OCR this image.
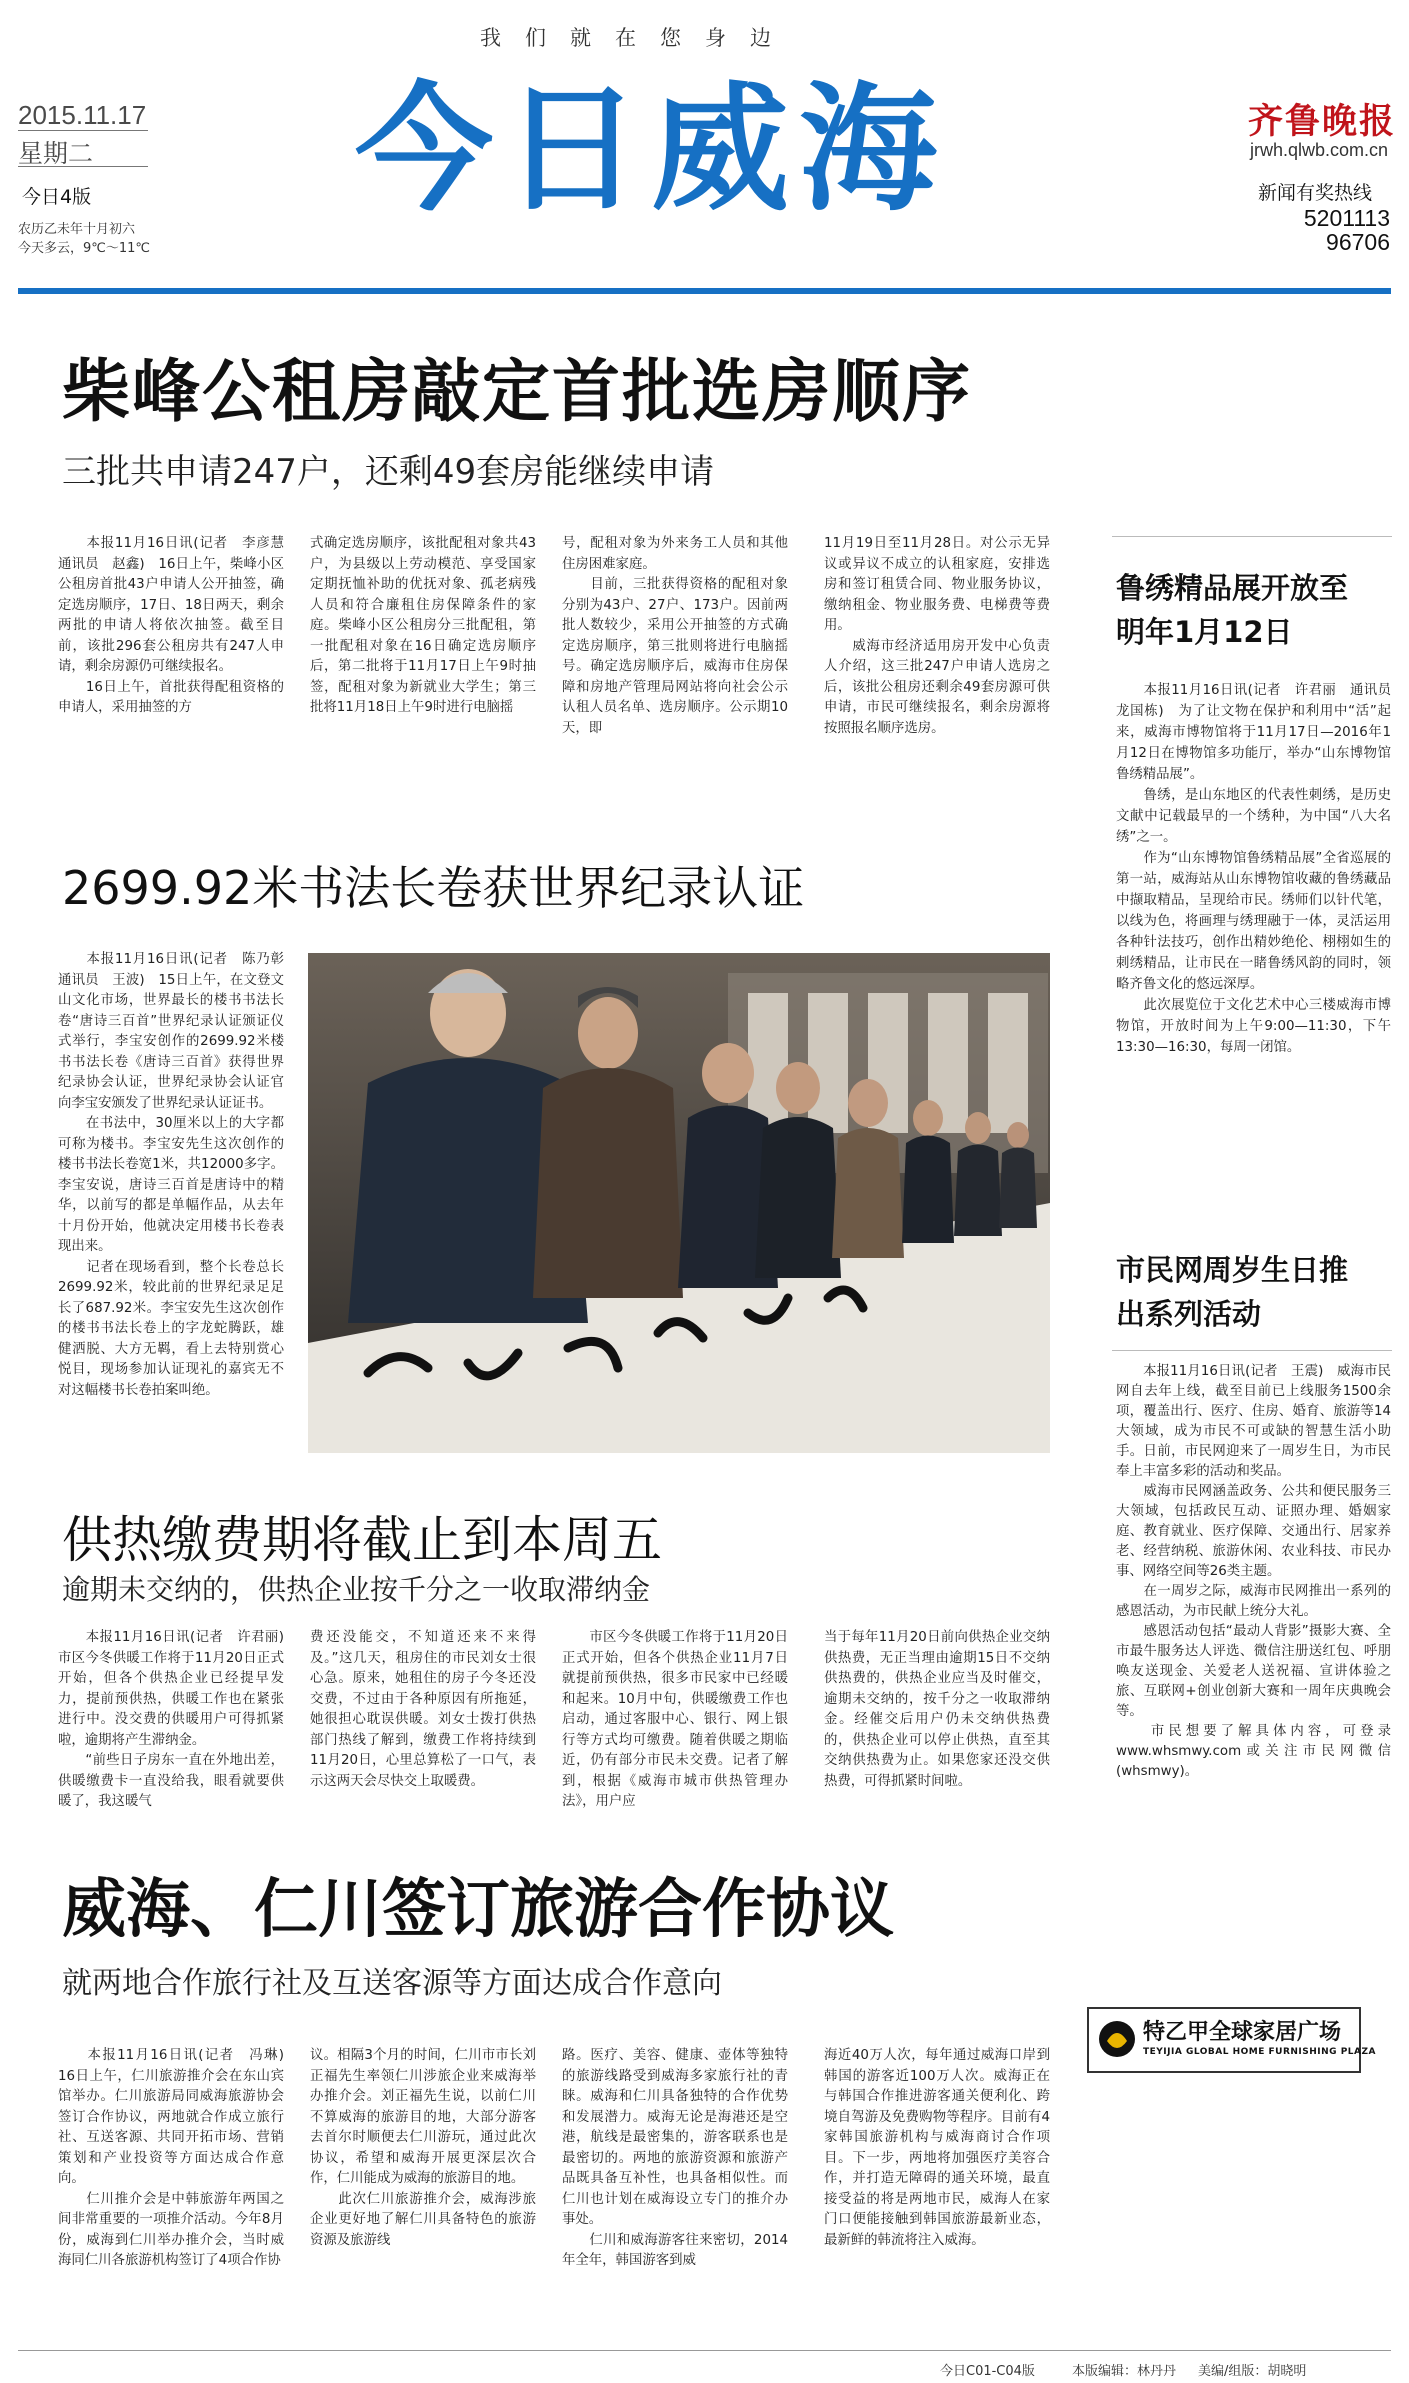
我们就在您身边
2015.11.17
星期二
今日4版
农历乙未年十月初六
今天多云，9℃～11℃
今日威海	齐鲁晚报
jrwh.qlwb.com.cn
新闻有奖热线
5201113
96706
柴峰公租房敲定首批选房顺序
三批共申请247户，还剩49套房能继续申请
　　本报11月16日讯(记者　李彦慧　通讯员　赵鑫)　16日上午，柴峰小区公租房首批43户申请人公开抽签，确定选房顺序，17日、18日两天，剩余两批的申请人将依次抽签。截至目前，该批296套公租房共有247人申请，剩余房源仍可继续报名。
　　16日上午，首批获得配租资格的申请人，采用抽签的方
式确定选房顺序，该批配租对象共43户，为县级以上劳动模范、享受国家定期抚恤补助的优抚对象、孤老病残人员和符合廉租住房保障条件的家庭。柴峰小区公租房分三批配租，第一批配租对象在16日确定选房顺序后，第二批将于11月17日上午9时抽签，配租对象为新就业大学生；第三批将11月18日上午9时进行电脑摇
号，配租对象为外来务工人员和其他住房困难家庭。
　　目前，三批获得资格的配租对象分别为43户、27户、173户。因前两批人数较少，采用公开抽签的方式确定选房顺序，第三批则将进行电脑摇号。确定选房顺序后，威海市住房保障和房地产管理局网站将向社会公示认租人员名单、选房顺序。公示期10天，即
11月19日至11月28日。对公示无异议或异议不成立的认租家庭，安排选房和签订租赁合同、物业服务协议，缴纳租金、物业服务费、电梯费等费用。
　　威海市经济适用房开发中心负责人介绍，这三批247户申请人选房之后，该批公租房还剩余49套房源可供申请，市民可继续报名，剩余房源将按照报名顺序选房。
2699.92米书法长卷获世界纪录认证
　　本报11月16日讯(记者　陈乃彰　通讯员　王波)　15日上午，在文登文山文化市场，世界最长的楼书书法长卷“唐诗三百首”世界纪录认证颁证仪式举行，李宝安创作的2699.92米楼书书法长卷《唐诗三百首》获得世界纪录协会认证，世界纪录协会认证官向李宝安颁发了世界纪录认证证书。
　　在书法中，30厘米以上的大字都可称为楼书。李宝安先生这次创作的楼书书法长卷宽1米，共12000多字。李宝安说，唐诗三百首是唐诗中的精华，以前写的都是单幅作品，从去年十月份开始，他就决定用楼书长卷表现出来。
　　记者在现场看到，整个长卷总长2699.92米，较此前的世界纪录足足长了687.92米。李宝安先生这次创作的楼书书法长卷上的字龙蛇腾跃，雄健洒脱、大方无羁，看上去特别赏心悦目，现场参加认证现礼的嘉宾无不对这幅楼书长卷拍案叫绝。
供热缴费期将截止到本周五
逾期未交纳的，供热企业按千分之一收取滞纳金
　　本报11月16日讯(记者　许君丽)　市区今冬供暖工作将于11月20日正式开始，但各个供热企业已经提早发力，提前预供热，供暖工作也在紧张进行中。没交费的供暖用户可得抓紧啦，逾期将产生滞纳金。
　　“前些日子房东一直在外地出差，供暖缴费卡一直没给我，眼看就要供暖了，我这暖气
费还没能交，不知道还来不来得及。”这几天，租房住的市民刘女士很心急。原来，她租住的房子今冬还没交费，不过由于各种原因有所拖延，她很担心耽误供暖。刘女士拨打供热部门热线了解到，缴费工作将持续到11月20日，心里总算松了一口气，表示这两天会尽快交上取暖费。
　　市区今冬供暖工作将于11月20日正式开始，但各个供热企业11月7日就提前预供热，很多市民家中已经暖和起来。10月中旬，供暖缴费工作也启动，通过客服中心、银行、网上银行等方式均可缴费。随着供暖之期临近，仍有部分市民未交费。记者了解到，根据《威海市城市供热管理办法》，用户应
当于每年11月20日前向供热企业交纳供热费，无正当理由逾期15日不交纳供热费的，供热企业应当及时催交，逾期未交纳的，按千分之一收取滞纳金。经催交后用户仍未交纳供热费的，供热企业可以停止供热，直至其交纳供热费为止。如果您家还没交供热费，可得抓紧时间啦。
威海、仁川签订旅游合作协议
就两地合作旅行社及互送客源等方面达成合作意向
　　本报11月16日讯(记者　冯琳)　16日上午，仁川旅游推介会在东山宾馆举办。仁川旅游局同威海旅游协会签订合作协议，两地就合作成立旅行社、互送客源、共同开拓市场、营销策划和产业投资等方面达成合作意向。
　　仁川推介会是中韩旅游年两国之间非常重要的一项推介活动。今年8月份，威海到仁川举办推介会，当时威海同仁川各旅游机构签订了4项合作协
议。相隔3个月的时间，仁川市市长刘正福先生率领仁川涉旅企业来威海举办推介会。刘正福先生说，以前仁川不算威海的旅游目的地，大部分游客去首尔时顺便去仁川游玩，通过此次协议，希望和威海开展更深层次合作，仁川能成为威海的旅游目的地。
　　此次仁川旅游推介会，威海涉旅企业更好地了解仁川具备特色的旅游资源及旅游线
路。医疗、美容、健康、壶体等独特的旅游线路受到威海多家旅行社的青睐。威海和仁川具备独特的合作优势和发展潜力。威海无论是海港还是空港，航线是最密集的，游客联系也是最密切的。两地的旅游资源和旅游产品既具备互补性，也具备相似性。而仁川也计划在威海设立专门的推介办事处。
　　仁川和威海游客往来密切，2014年全年，韩国游客到威
海近40万人次，每年通过威海口岸到韩国的游客近100万人次。威海正在与韩国合作推进游客通关便利化、跨境自驾游及免费购物等程序。目前有4家韩国旅游机构与威海商讨合作项目。下一步，两地将加强医疗美容合作，并打造无障碍的通关环境，最直接受益的将是两地市民，威海人在家门口便能接触到韩国旅游最新业态，最新鲜的韩流将注入威海。
鲁绣精品展开放至明年1月12日
　　本报11月16日讯(记者　许君丽　通讯员　龙国栋)　为了让文物在保护和利用中“活”起来，威海市博物馆将于11月17日—2016年1月12日在博物馆多功能厅，举办“山东博物馆鲁绣精品展”。
　　鲁绣，是山东地区的代表性刺绣，是历史文献中记载最早的一个绣种，为中国“八大名绣”之一。
　　作为“山东博物馆鲁绣精品展”全省巡展的第一站，威海站从山东博物馆收藏的鲁绣藏品中撷取精品，呈现给市民。绣师们以针代笔，以线为色，将画理与绣理融于一体，灵活运用各种针法技巧，创作出精妙绝伦、栩栩如生的刺绣精品，让市民在一睹鲁绣风韵的同时，领略齐鲁文化的悠远深厚。
　　此次展览位于文化艺术中心三楼威海市博物馆，开放时间为上午9:00—11:30，下午13:30—16:30，每周一闭馆。
市民网周岁生日推出系列活动
　　本报11月16日讯(记者　王震)　威海市民网自去年上线，截至目前已上线服务1500余项，覆盖出行、医疗、住房、婚育、旅游等14大领域，成为市民不可或缺的智慧生活小助手。日前，市民网迎来了一周岁生日，为市民奉上丰富多彩的活动和奖品。
　　威海市民网涵盖政务、公共和便民服务三大领域，包括政民互动、证照办理、婚姻家庭、教育就业、医疗保障、交通出行、居家养老、经营纳税、旅游休闲、农业科技、市民办事、网络空间等26类主题。
　　在一周岁之际，威海市民网推出一系列的感恩活动，为市民献上统分大礼。
　　感恩活动包括“最动人背影”摄影大赛、全市最牛服务达人评选、微信注册送红包、呼朋唤友送现金、关爱老人送祝福、宣讲体验之旅、互联网+创业创新大赛和一周年庆典晚会等。
　　市民想要了解具体内容，可登录www.whsmwy.com或关注市民网微信(whsmwy)。
特乙甲全球家居广场
TEYIJIA GLOBAL HOME FURNISHING PLAZA
今日C01-C04版	本版编辑：林丹丹 美编/组版：胡晓明
